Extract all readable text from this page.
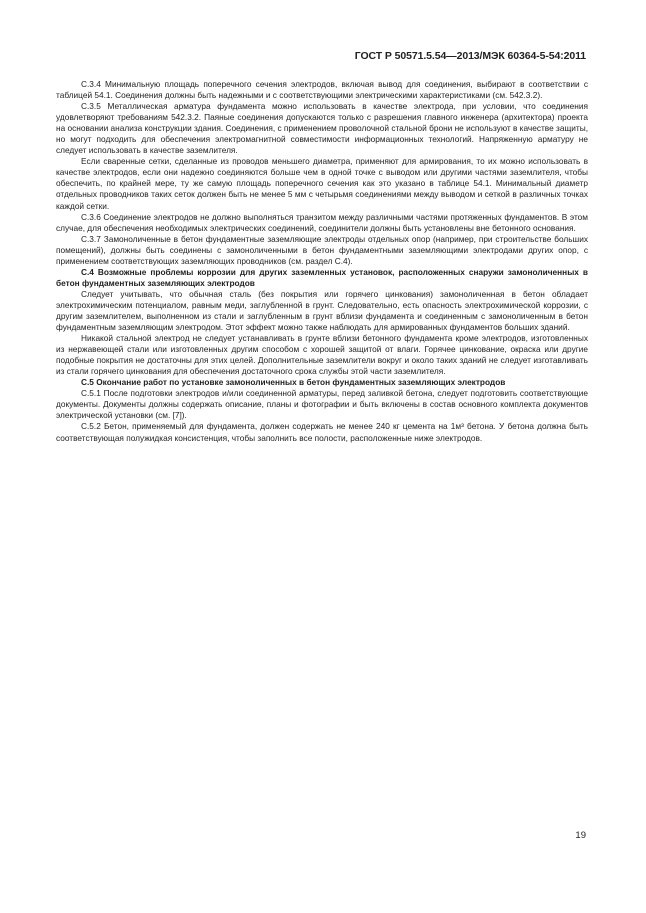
ГОСТ Р 50571.5.54—2013/МЭК 60364-5-54:2011

С.3.4 Минимальную площадь поперечного сечения электродов, включая вывод для соединения, выбирают в соответствии с таблицей 54.1. Соединения должны быть надежными и с соответствующими электрическими характеристиками (см. 542.3.2).

С.3.5 Металлическая арматура фундамента можно использовать в качестве электрода, при условии, что соединения удовлетворяют требованиям 542.3.2. Паяные соединения допускаются только с разрешения главного инженера (архитектора) проекта на основании анализа конструкции здания. Соединения, с применением проволочной стальной брони не используют в качестве защиты, но могут подходить для обеспечения электромагнитной совместимости информационных технологий. Напряженную арматуру не следует использовать в качестве заземлителя.

Если сваренные сетки, сделанные из проводов меньшего диаметра, применяют для армирования, то их можно использовать в качестве электродов, если они надежно соединяются больше чем в одной точке с выводом или другими частями заземлителя, чтобы обеспечить, по крайней мере, ту же самую площадь поперечного сечения как это указано в таблице 54.1. Минимальный диаметр отдельных проводников таких сеток должен быть не менее 5 мм с четырьмя соединениями между выводом и сеткой в различных точках каждой сетки.

С.3.6 Соединение электродов не должно выполняться транзитом между различными частями протяженных фундаментов. В этом случае, для обеспечения необходимых электрических соединений, соединители должны быть установлены вне бетонного основания.

С.3.7 Замоноличенные в бетон фундаментные заземляющие электроды отдельных опор (например, при строительстве больших помещений), должны быть соединены с замоноличенными в бетон фундаментными заземляющими электродами других опор, с применением соответствующих заземляющих проводников (см. раздел С.4).

С.4 Возможные проблемы коррозии для других заземленных установок, расположенных снаружи замоноличенных в бетон фундаментных заземляющих электродов

Следует учитывать, что обычная сталь (без покрытия или горячего цинкования) замоноличенная в бетон обладает электрохимическим потенциалом, равным меди, заглубленной в грунт. Следовательно, есть опасность электрохимической коррозии, с другим заземлителем, выполненном из стали и заглубленным в грунт вблизи фундамента и соединенным с замоноличенным в бетон фундаментным заземляющим электродом. Этот эффект можно также наблюдать для армированных фундаментов больших зданий.

Никакой стальной электрод не следует устанавливать в грунте вблизи бетонного фундамента кроме электродов, изготовленных из нержавеющей стали или изготовленных другим способом с хорошей защитой от влаги. Горячее цинкование, окраска или другие подобные покрытия не достаточны для этих целей. Дополнительные заземлители вокруг и около таких зданий не следует изготавливать из стали горячего цинкования для обеспечения достаточного срока службы этой части заземлителя.

С.5 Окончание работ по установке замоноличенных в бетон фундаментных заземляющих электродов

С.5.1 После подготовки электродов и/или соединенной арматуры, перед заливкой бетона, следует подготовить соответствующие документы. Документы должны содержать описание, планы и фотографии и быть включены в состав основного комплекта документов электрической установки (см. [7]).

С.5.2 Бетон, применяемый для фундамента, должен содержать не менее 240 кг цемента на 1м³ бетона. У бетона должна быть соответствующая полужидкая консистенция, чтобы заполнить все полости, расположенные ниже электродов.

19
